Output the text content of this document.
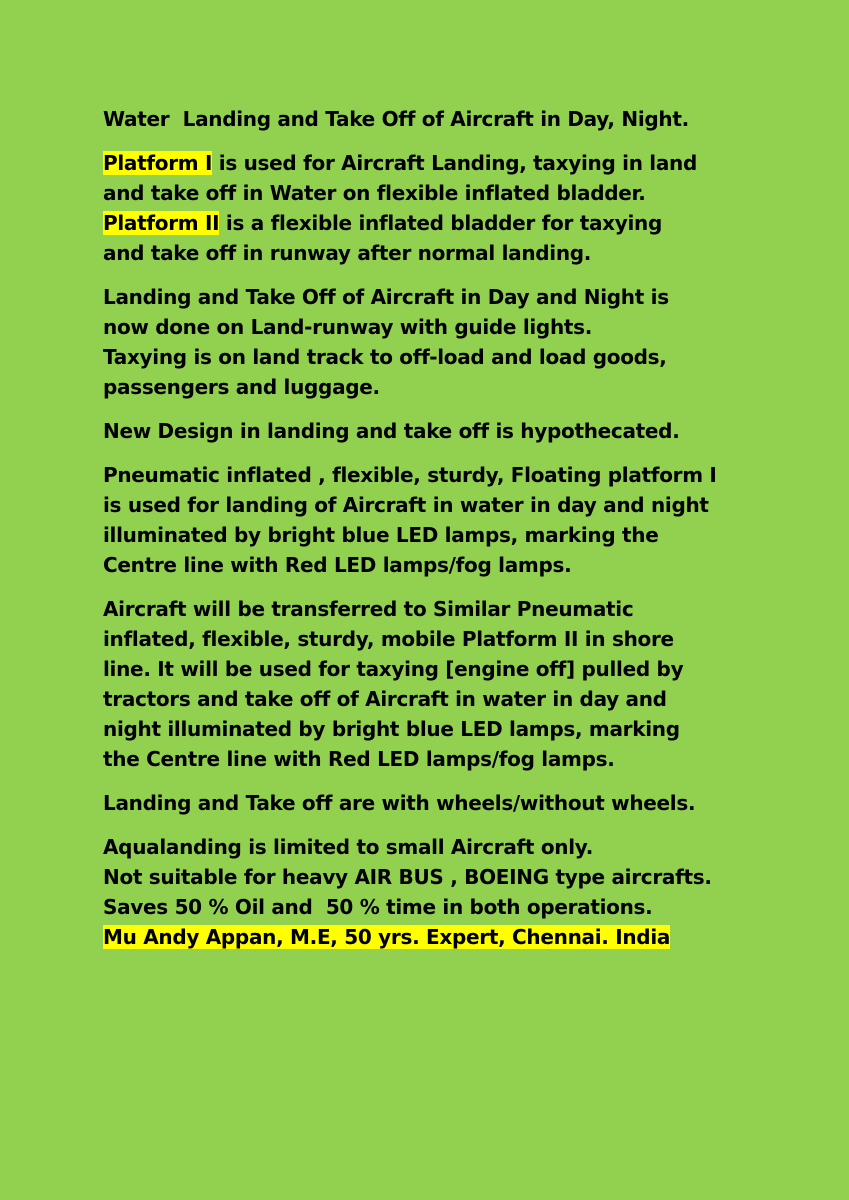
Water  Landing and Take Off of Aircraft in Day, Night.
Platform I is used for Aircraft Landing, taxying in land
and take off in Water on flexible inflated bladder.
Platform II is a flexible inflated bladder for taxying
and take off in runway after normal landing.
Landing and Take Off of Aircraft in Day and Night is
now done on Land-runway with guide lights.
Taxying is on land track to off-load and load goods,
passengers and luggage.
New Design in landing and take off is hypothecated.
Pneumatic inflated , flexible, sturdy, Floating platform I
is used for landing of Aircraft in water in day and night
illuminated by bright blue LED lamps, marking the
Centre line with Red LED lamps/fog lamps.
Aircraft will be transferred to Similar Pneumatic
inflated, flexible, sturdy, mobile Platform II in shore
line. It will be used for taxying [engine off] pulled by
tractors and take off of Aircraft in water in day and
night illuminated by bright blue LED lamps, marking
the Centre line with Red LED lamps/fog lamps.
Landing and Take off are with wheels/without wheels.
Aqualanding is limited to small Aircraft only.
Not suitable for heavy AIR BUS , BOEING type aircrafts.
Saves 50 % Oil and  50 % time in both operations.
Mu Andy Appan, M.E, 50 yrs. Expert, Chennai. India
